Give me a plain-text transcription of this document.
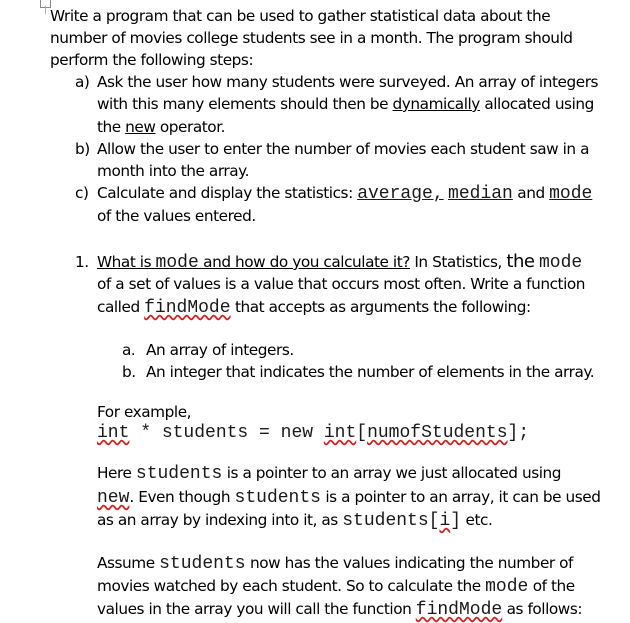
Write a program that can be used to gather statistical data about the
number of movies college students see in a month. The program should
perform the following steps:
a) Ask the user how many students were surveyed. An array of integers
with this many elements should then be dynamically allocated using
the new operator.
b) Allow the user to enter the number of movies each student saw in a
month into the array.
c) Calculate and display the statistics: average, median and mode
of the values entered.
1. What is mode and how do you calculate it? In Statistics, the mode
of a set of values is a value that occurs most often. Write a function
called findMode that accepts as arguments the following:
a. An array of integers.
b. An integer that indicates the number of elements in the array.
For example,
int * students = new int[numofStudents];
Here students is a pointer to an array we just allocated using
new. Even though students is a pointer to an array, it can be used
as an array by indexing into it, as students[i] etc.
Assume students now has the values indicating the number of
movies watched by each student. So to calculate the mode of the
values in the array you will call the function findMode as follows:
